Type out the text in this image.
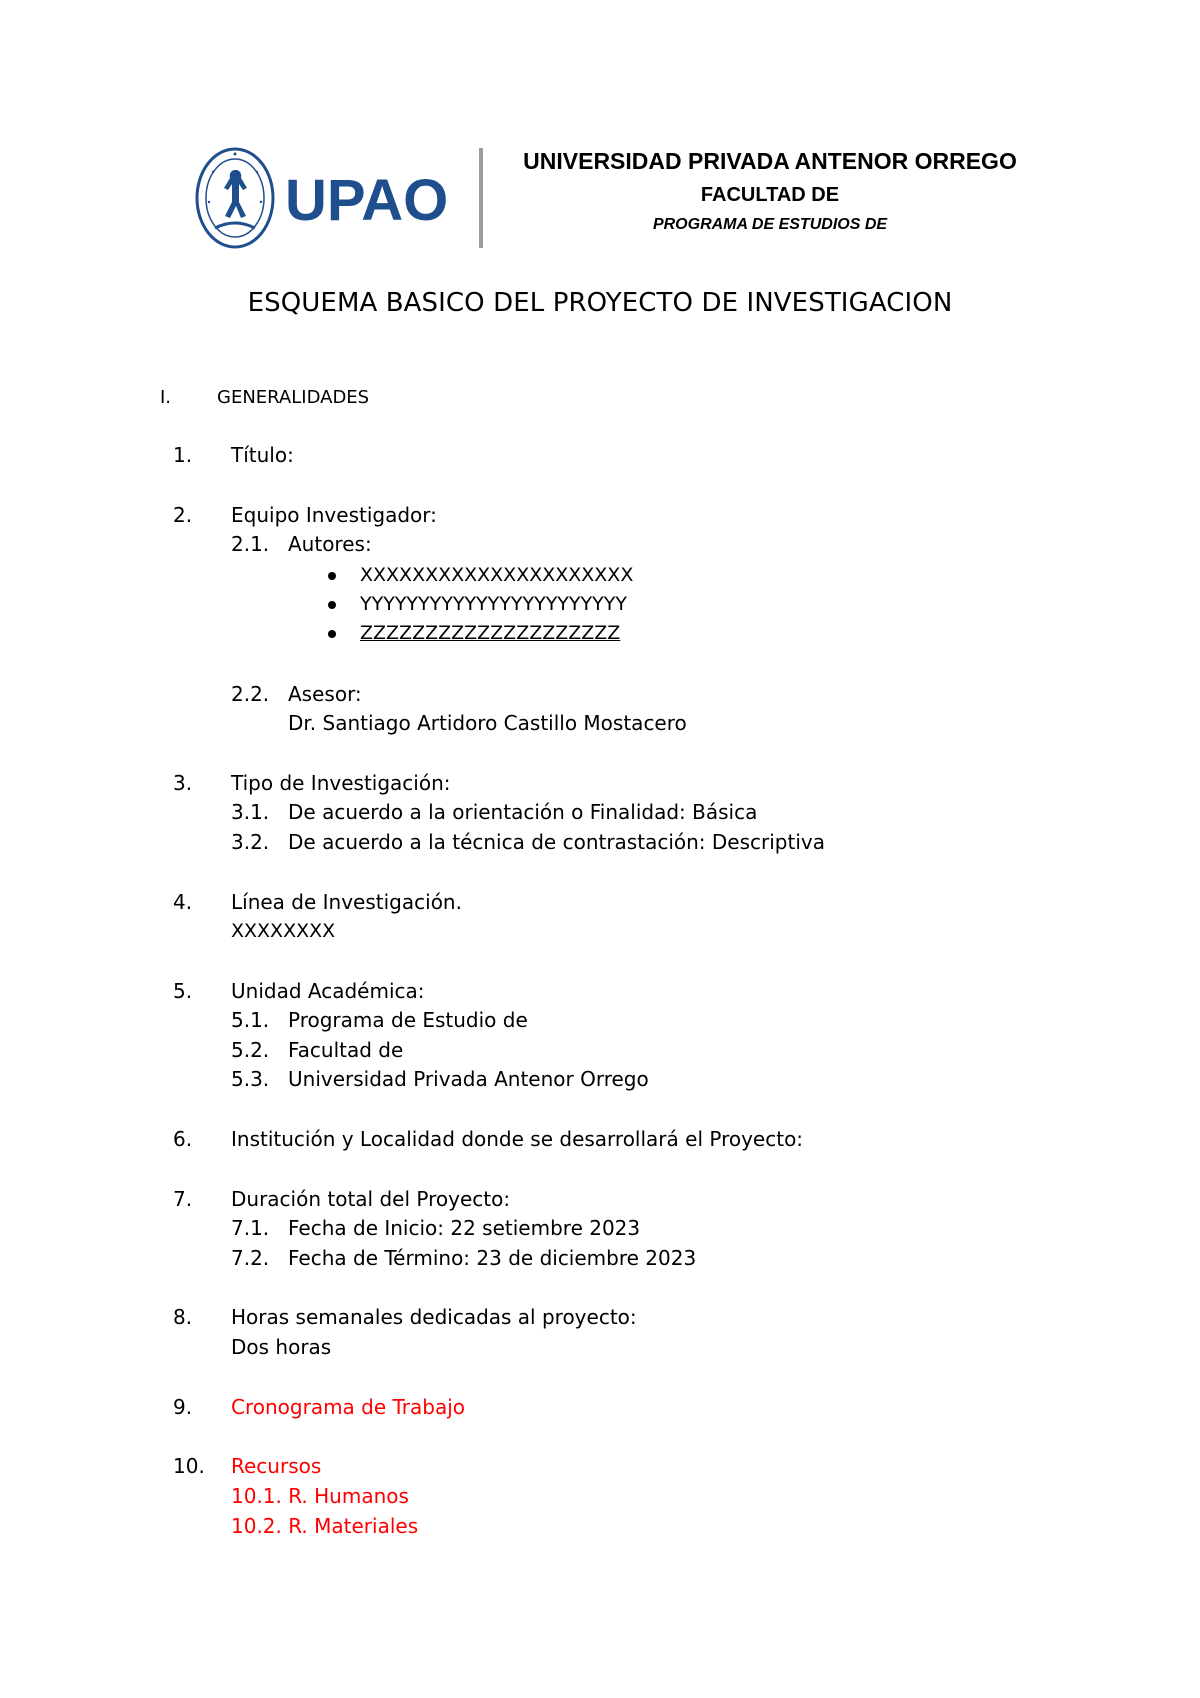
UPAO
UNIVERSIDAD PRIVADA ANTENOR ORREGO
FACULTAD DE
PROGRAMA DE ESTUDIOS DE
ESQUEMA BASICO DEL PROYECTO DE INVESTIGACION
I.	GENERALIDADES
1. Título:
2. Equipo Investigador:
2.1. Autores:
XXXXXXXXXXXXXXXXXXXXX
YYYYYYYYYYYYYYYYYYYYYYY
ZZZZZZZZZZZZZZZZZZZZ
2.2. Asesor:
Dr. Santiago Artidoro Castillo Mostacero
3. Tipo de Investigación:
3.1. De acuerdo a la orientación o Finalidad: Básica
3.2. De acuerdo a la técnica de contrastación: Descriptiva
4. Línea de Investigación.
XXXXXXXX
5. Unidad Académica:
5.1. Programa de Estudio de
5.2. Facultad de
5.3. Universidad Privada Antenor Orrego
6. Institución y Localidad donde se desarrollará el Proyecto:
7. Duración total del Proyecto:
7.1. Fecha de Inicio: 22 setiembre 2023
7.2. Fecha de Término: 23 de diciembre 2023
8. Horas semanales dedicadas al proyecto:
Dos horas
9. Cronograma de Trabajo
10. Recursos
10.1. R. Humanos
10.2. R. Materiales
